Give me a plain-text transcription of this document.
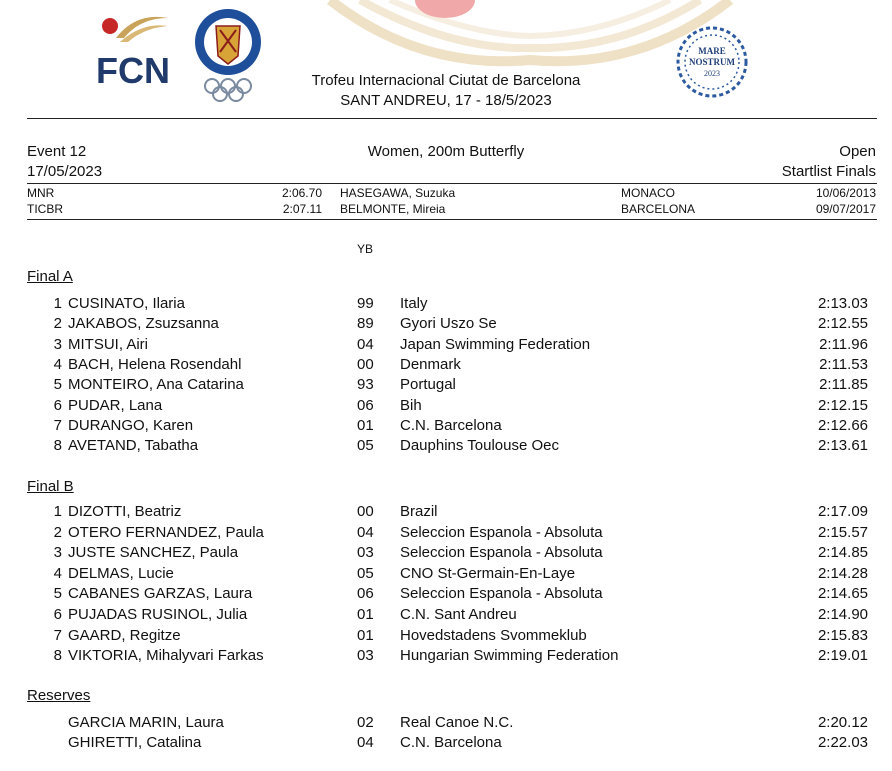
FCN	MARE
NOSTRUM
2023
Trofeu Internacional Ciutat de Barcelona
SANT ANDREU, 17 - 18/5/2023
Event 12
17/05/2023
Women, 200m Butterfly	Open
Startlist Finals
MNR	2:06.70 HASEGAWA, Suzuka	MONACO	10/06/2013
TICBR	2:07.11 BELMONTE, Mireia	BARCELONA	09/07/2017
YB
Final A
Final B
Reserves
1 CUSINATO, Ilaria	99 Italy	2:13.03
2 JAKABOS, Zsuzsanna	89 Gyori Uszo Se	2:12.55
3 MITSUI, Airi	04 Japan Swimming Federation	2:11.96
4 BACH, Helena Rosendahl	00 Denmark	2:11.53
5 MONTEIRO, Ana Catarina	93 Portugal	2:11.85
6 PUDAR, Lana	06 Bih	2:12.15
7 DURANGO, Karen	01 C.N. Barcelona	2:12.66
8 AVETAND, Tabatha	05 Dauphins Toulouse Oec	2:13.61
1 DIZOTTI, Beatriz	00 Brazil	2:17.09
2 OTERO FERNANDEZ, Paula	04 Seleccion Espanola - Absoluta	2:15.57
3 JUSTE SANCHEZ, Paula	03 Seleccion Espanola - Absoluta	2:14.85
4 DELMAS, Lucie	05 CNO St-Germain-En-Laye	2:14.28
5 CABANES GARZAS, Laura	06 Seleccion Espanola - Absoluta	2:14.65
6 PUJADAS RUSINOL, Julia	01 C.N. Sant Andreu	2:14.90
7 GAARD, Regitze	01 Hovedstadens Svommeklub	2:15.83
8 VIKTORIA, Mihalyvari Farkas	03 Hungarian Swimming Federation	2:19.01
GARCIA MARIN, Laura	02 Real Canoe N.C.	2:20.12
GHIRETTI, Catalina	04 C.N. Barcelona	2:22.03
